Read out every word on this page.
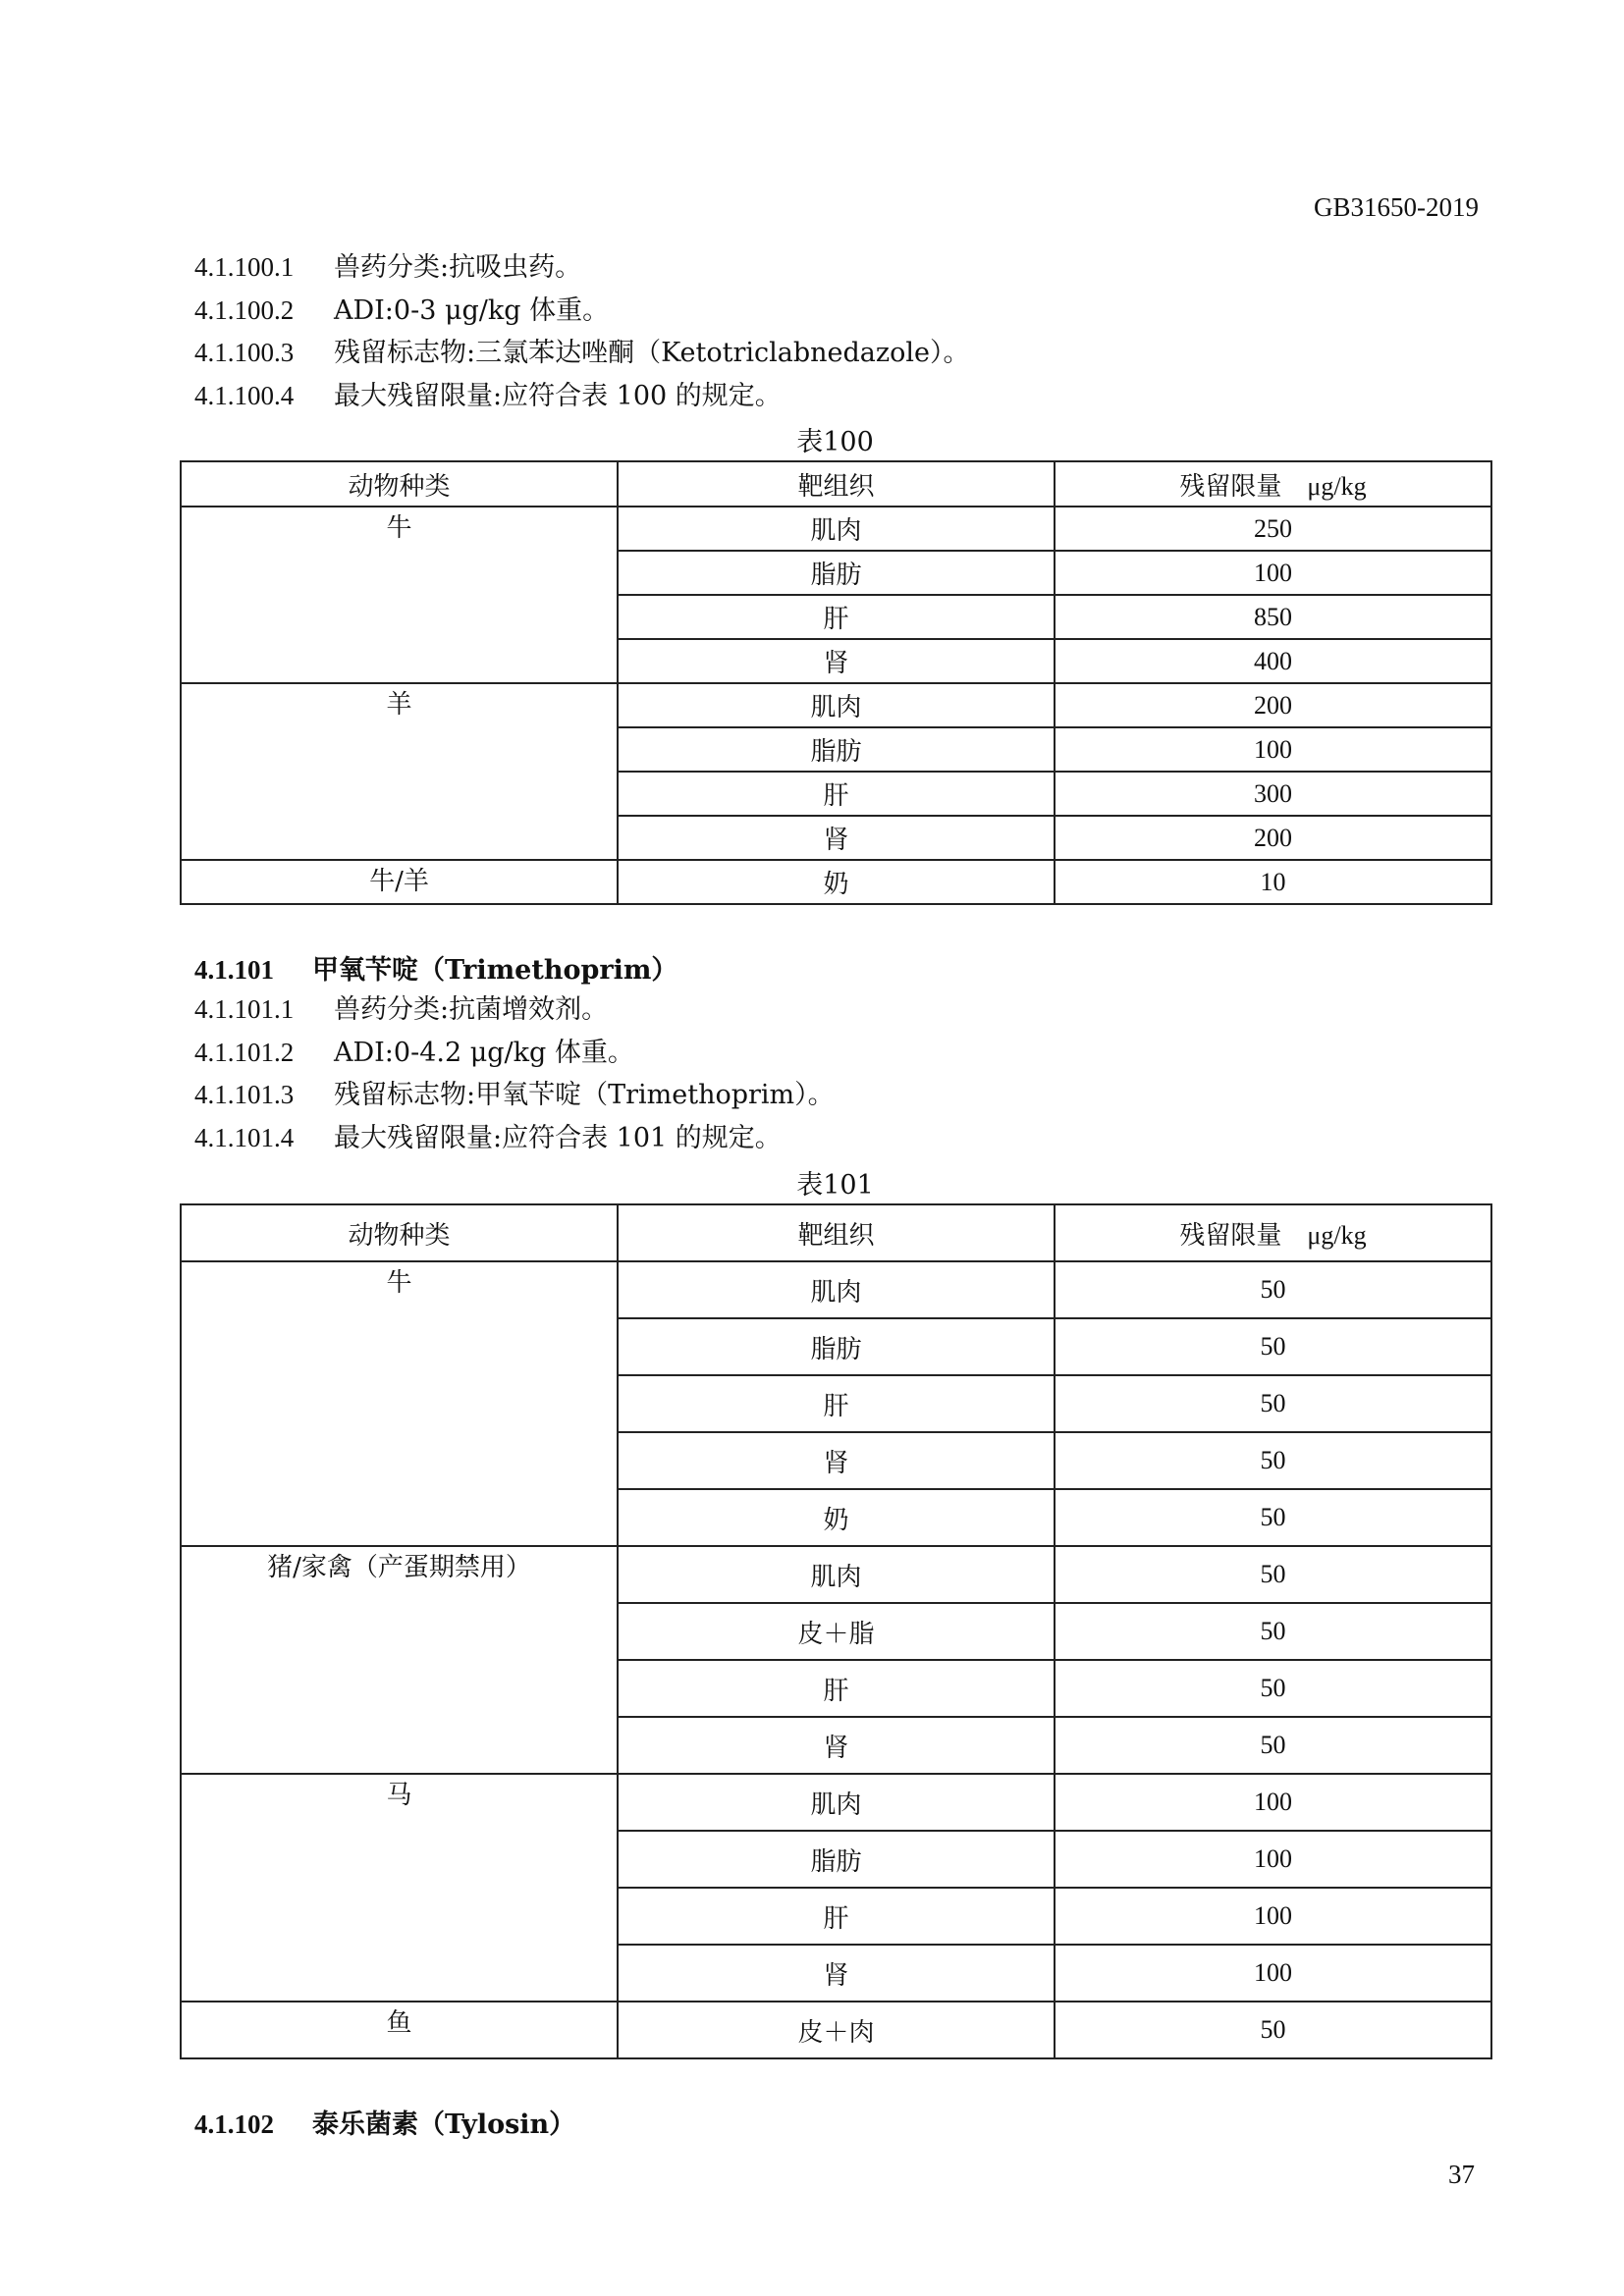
GB31650-2019
4.1.100.1 兽药分类:抗吸虫药。
4.1.100.2 ADI:0-3 μg/kg 体重。
4.1.100.3 残留标志物:三氯苯达唑酮（Ketotriclabnedazole）。
4.1.100.4 最大残留限量:应符合表 100 的规定。
表100
动物种类	靶组织	残留限量 μg/kg
牛	肌肉	250
	脂肪	100
	肝	850
	肾	400
羊	肌肉	200
	脂肪	100
	肝	300
	肾	200
牛/羊	奶	10
4.1.101 甲氧苄啶（Trimethoprim）
4.1.101.1 兽药分类:抗菌增效剂。
4.1.101.2 ADI:0-4.2 μg/kg 体重。
4.1.101.3 残留标志物:甲氧苄啶（Trimethoprim）。
4.1.101.4 最大残留限量:应符合表 101 的规定。
表101
动物种类	靶组织	残留限量 μg/kg
牛	肌肉	50
	脂肪	50
	肝	50
	肾	50
	奶	50
猪/家禽（产蛋期禁用）	肌肉	50
	皮＋脂	50
	肝	50
	肾	50
马	肌肉	100
	脂肪	100
	肝	100
	肾	100
鱼	皮＋肉	50
4.1.102 泰乐菌素（Tylosin）
37
